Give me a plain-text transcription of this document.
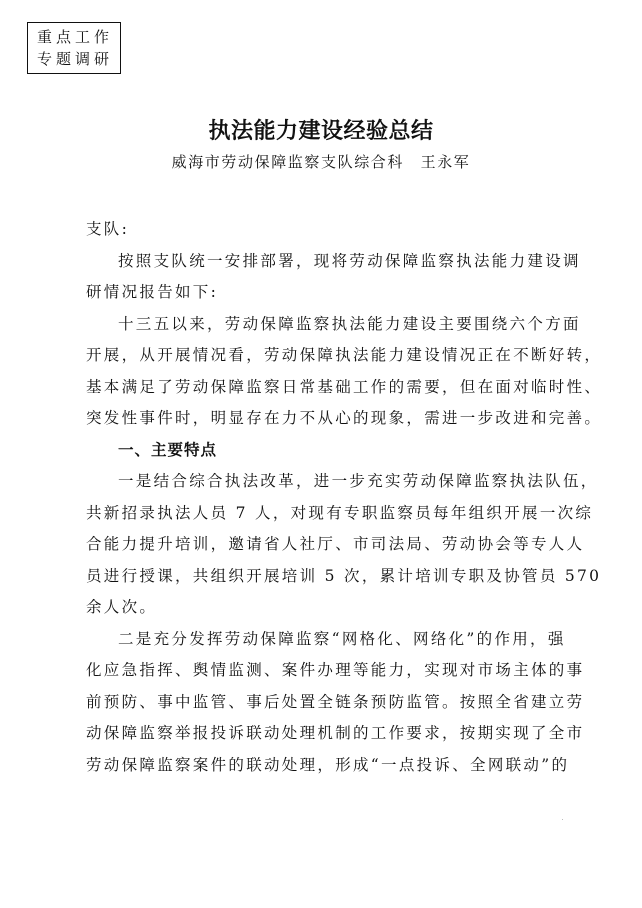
重点工作
专题调研
执法能力建设经验总结
威海市劳动保障监察支队综合科　王永军
支队:
按照支队统一安排部署，现将劳动保障监察执法能力建设调
研情况报告如下:
十三五以来，劳动保障监察执法能力建设主要围绕六个方面
开展，从开展情况看，劳动保障执法能力建设情况正在不断好转，
基本满足了劳动保障监察日常基础工作的需要，但在面对临时性、
突发性事件时，明显存在力不从心的现象，需进一步改进和完善。
一、主要特点
一是结合综合执法改革，进一步充实劳动保障监察执法队伍，
共新招录执法人员 7 人，对现有专职监察员每年组织开展一次综
合能力提升培训，邀请省人社厅、市司法局、劳动协会等专人人
员进行授课，共组织开展培训 5 次，累计培训专职及协管员 570
余人次。
二是充分发挥劳动保障监察“网格化、网络化”的作用，强
化应急指挥、舆情监测、案件办理等能力，实现对市场主体的事
前预防、事中监管、事后处置全链条预防监管。按照全省建立劳
动保障监察举报投诉联动处理机制的工作要求，按期实现了全市
劳动保障监察案件的联动处理，形成“一点投诉、全网联动”的
